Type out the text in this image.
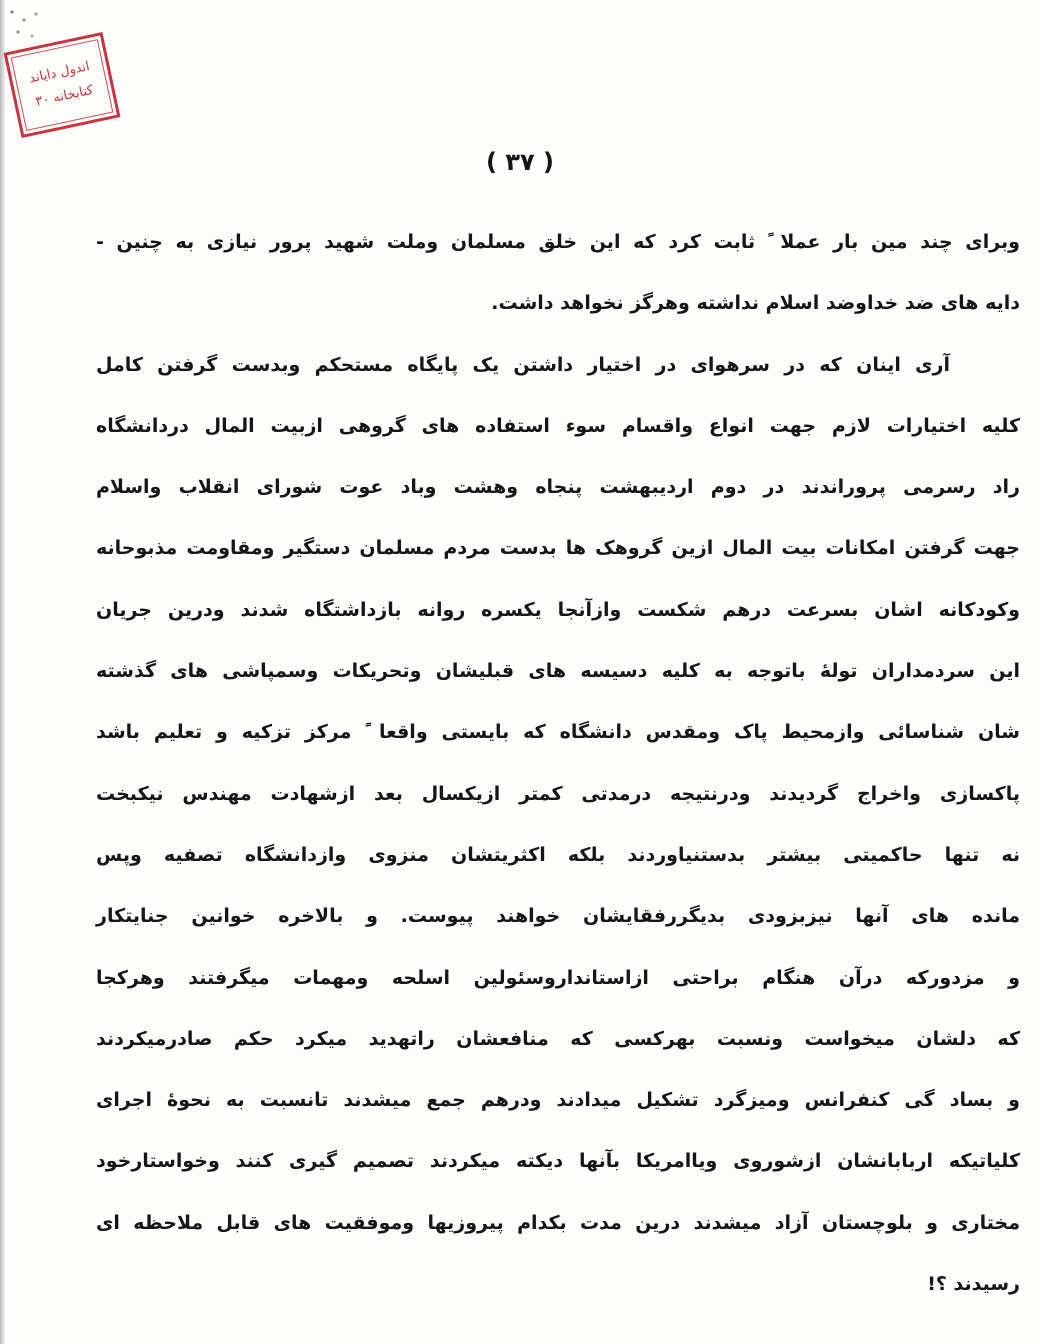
اندول دایاند
کتابخانه ۳۰
( ۳۷ )
وبرای چند مین بار عملا ً ثابت کرد که این خلق مسلمان وملت شهید پرور نیازی به چنین -
دایه های ضد خداوضد اسلام نداشته وهرگز نخواهد داشت.
آری اینان که در سرهوای در اختیار داشتن یک پایگاه مستحکم وبدست گرفتن کامل
کلیه اختیارات لازم جهت انواع واقسام سوء استفاده های گروهی ازبیت المال دردانشگاه
راد رسرمی پروراندند در دوم اردیبهشت پنجاه وهشت وباد عوت شورای انقلاب واسلام
جهت گرفتن امکانات بیت المال ازین گروهک ها بدست مردم مسلمان دستگیر ومقاومت مذبوحانه
وکودکانه اشان بسرعت درهم شکست وازآنجا یکسره روانه بازداشتگاه شدند ودرین جریان
این سردمداران تولهٔ باتوجه به کلیه دسیسه های قبلیشان وتحریکات وسمپاشی های گذشته
شان شناسائی وازمحیط پاک ومقدس دانشگاه که بایستی واقعا ً مرکز تزکیه و تعلیم باشد
پاکسازی واخراج گردیدند ودرنتیجه درمدتی کمتر ازیکسال بعد ازشهادت مهندس نیکبخت
نه تنها حاکمیتی بیشتر بدستنیاوردند بلکه اکثریتشان منزوی وازدانشگاه تصفیه وپس
مانده های آنها نیزبزودی بدیگررفقایشان خواهند پیوست. و بالاخره خوانین جنایتکار
و مزدورکه درآن هنگام براحتی ازاستانداروسئولین اسلحه ومهمات میگرفتند وهرکجا
که دلشان میخواست ونسبت بهرکسی که منافعشان راتهدید میکرد حکم صادرمیکردند
و بساد گی کنفرانس ومیزگرد تشکیل میدادند ودرهم جمع میشدند تانسبت به نحوهٔ اجرای
کلیاتیکه اربابانشان ازشوروی ویاامریکا بآنها دیکته میکردند تصمیم گیری کنند وخواستارخود
مختاری و بلوچستان آزاد میشدند درین مدت بکدام پیروزیها وموفقیت های قابل ملاحظه ای
رسیدند ؟!
